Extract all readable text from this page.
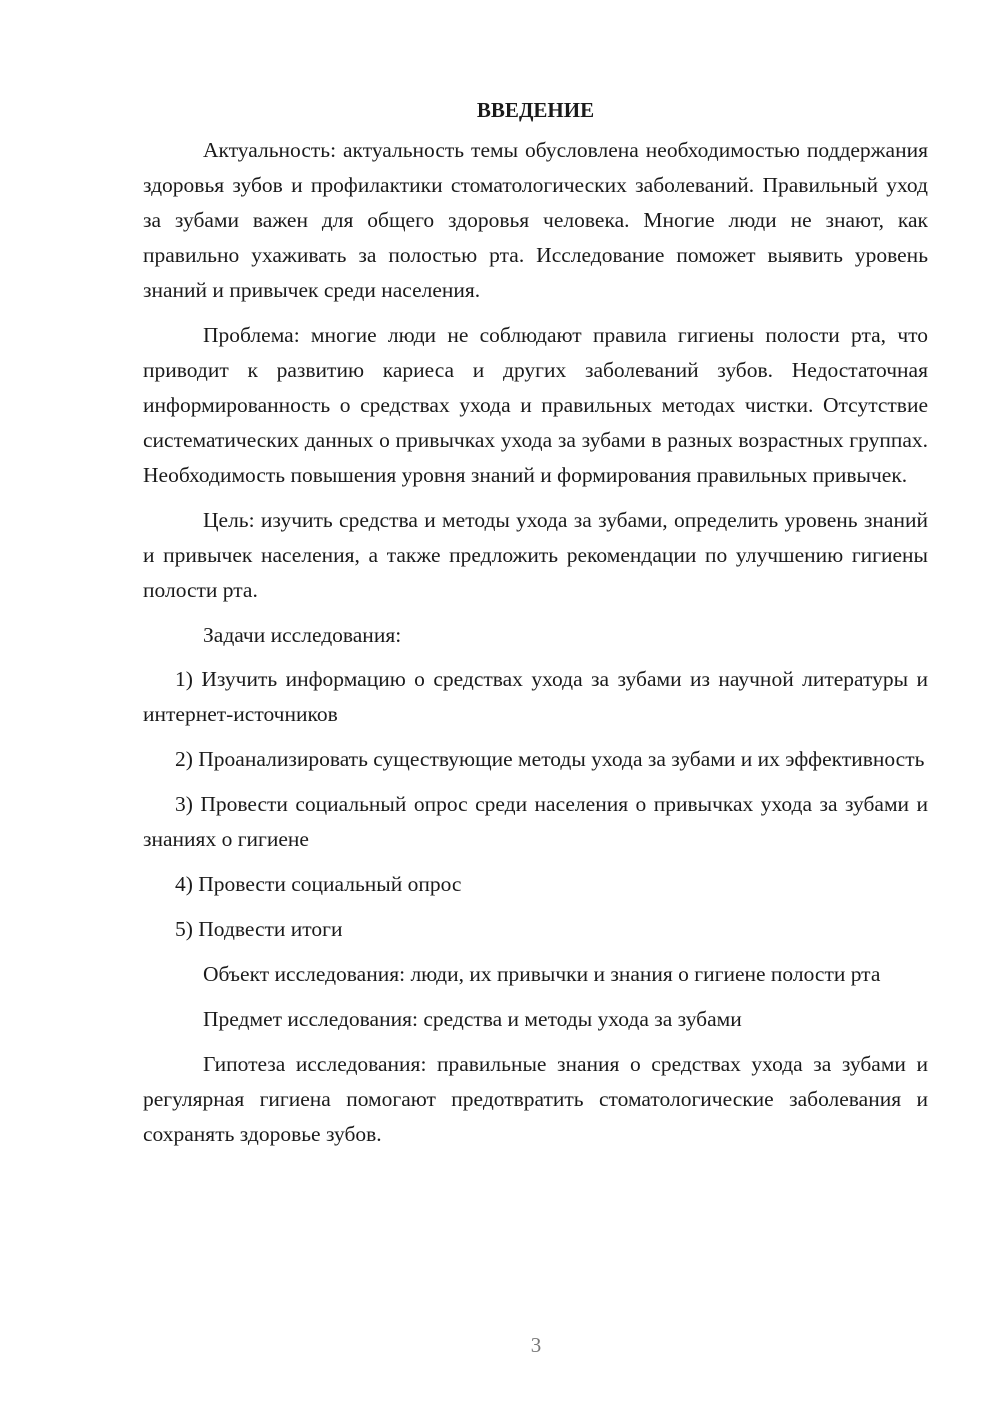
ВВЕДЕНИЕ

Актуальность: актуальность темы обусловлена необходимостью поддержания здоровья зубов и профилактики стоматологических заболеваний. Правильный уход за зубами важен для общего здоровья человека. Многие люди не знают, как правильно ухаживать за полостью рта. Исследование поможет выявить уровень знаний и привычек среди населения.

Проблема: многие люди не соблюдают правила гигиены полости рта, что приводит к развитию кариеса и других заболеваний зубов. Недостаточная информированность о средствах ухода и правильных методах чистки. Отсутствие систематических данных о привычках ухода за зубами в разных возрастных группах. Необходимость повышения уровня знаний и формирования правильных привычек.

Цель: изучить средства и методы ухода за зубами, определить уровень знаний и привычек населения, а также предложить рекомендации по улучшению гигиены полости рта.

Задачи исследования:

1) Изучить информацию о средствах ухода за зубами из научной литературы и интернет-источников

2) Проанализировать существующие методы ухода за зубами и их эффективность

3) Провести социальный опрос среди населения о привычках ухода за зубами и знаниях о гигиене

4) Провести социальный опрос

5) Подвести итоги

Объект исследования: люди, их привычки и знания о гигиене полости рта

Предмет исследования: средства и методы ухода за зубами

Гипотеза исследования: правильные знания о средствах ухода за зубами и регулярная гигиена помогают предотвратить стоматологические заболевания и сохранять здоровье зубов.

3
